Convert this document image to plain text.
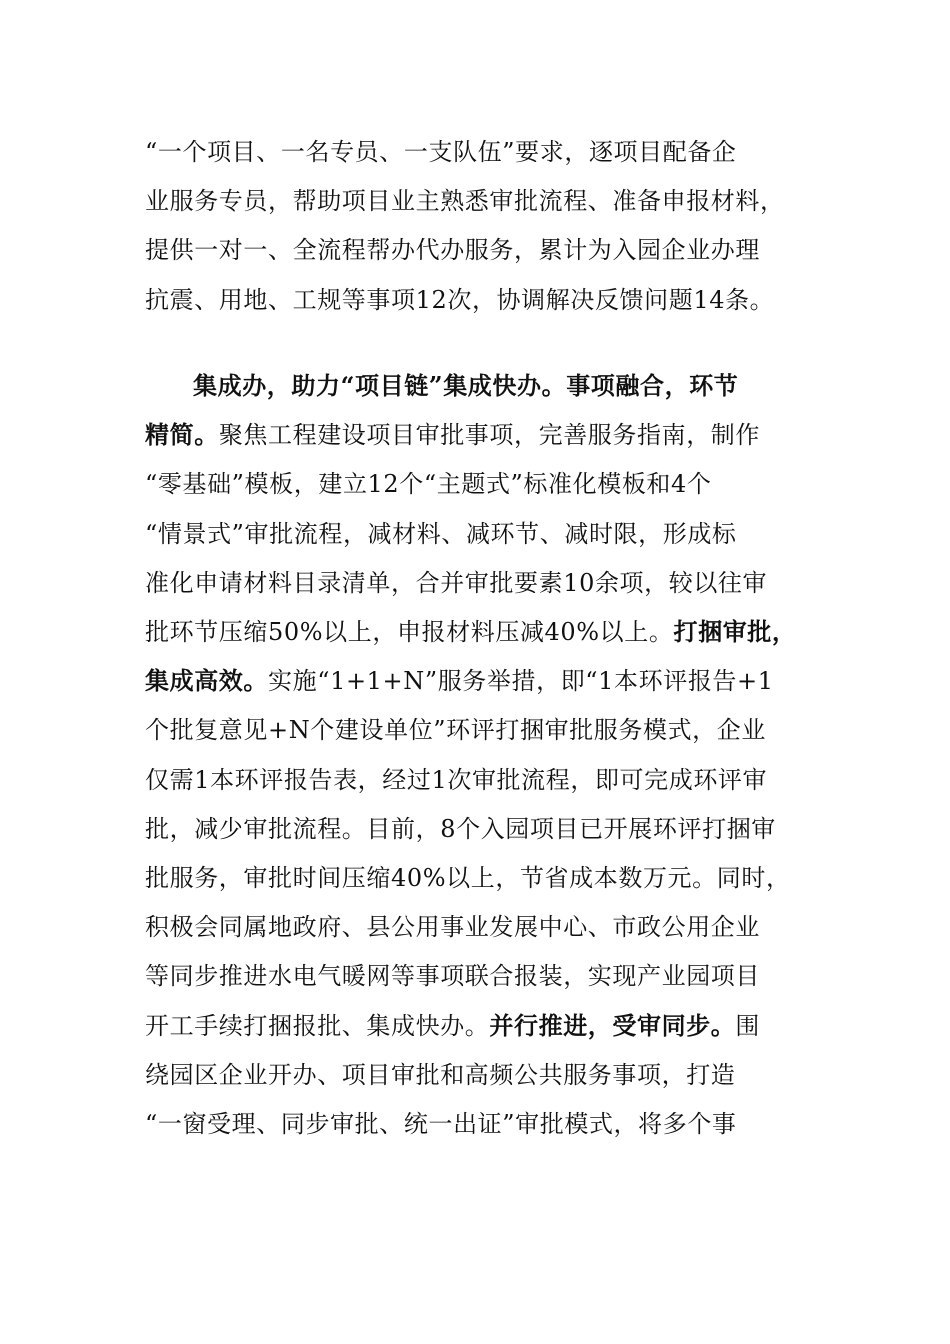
“一个项目、一名专员、一支队伍”要求，逐项目配备企
业服务专员，帮助项目业主熟悉审批流程、准备申报材料，
提供一对一、全流程帮办代办服务，累计为入园企业办理
抗震、用地、工规等事项12次，协调解决反馈问题14条。
集成办，助力“项目链”集成快办。事项融合，环节
精简。聚焦工程建设项目审批事项，完善服务指南，制作
“零基础”模板，建立12个“主题式”标准化模板和4个
“情景式”审批流程，减材料、减环节、减时限，形成标
准化申请材料目录清单，合并审批要素10余项，较以往审
批环节压缩50%以上，申报材料压减40%以上。打捆审批，
集成高效。实施“1+1+N”服务举措，即“1本环评报告+1
个批复意见+N个建设单位”环评打捆审批服务模式，企业
仅需1本环评报告表，经过1次审批流程，即可完成环评审
批，减少审批流程。目前，8个入园项目已开展环评打捆审
批服务，审批时间压缩40%以上，节省成本数万元。同时，
积极会同属地政府、县公用事业发展中心、市政公用企业
等同步推进水电气暖网等事项联合报装，实现产业园项目
开工手续打捆报批、集成快办。并行推进，受审同步。围
绕园区企业开办、项目审批和高频公共服务事项，打造
“一窗受理、同步审批、统一出证”审批模式，将多个事
